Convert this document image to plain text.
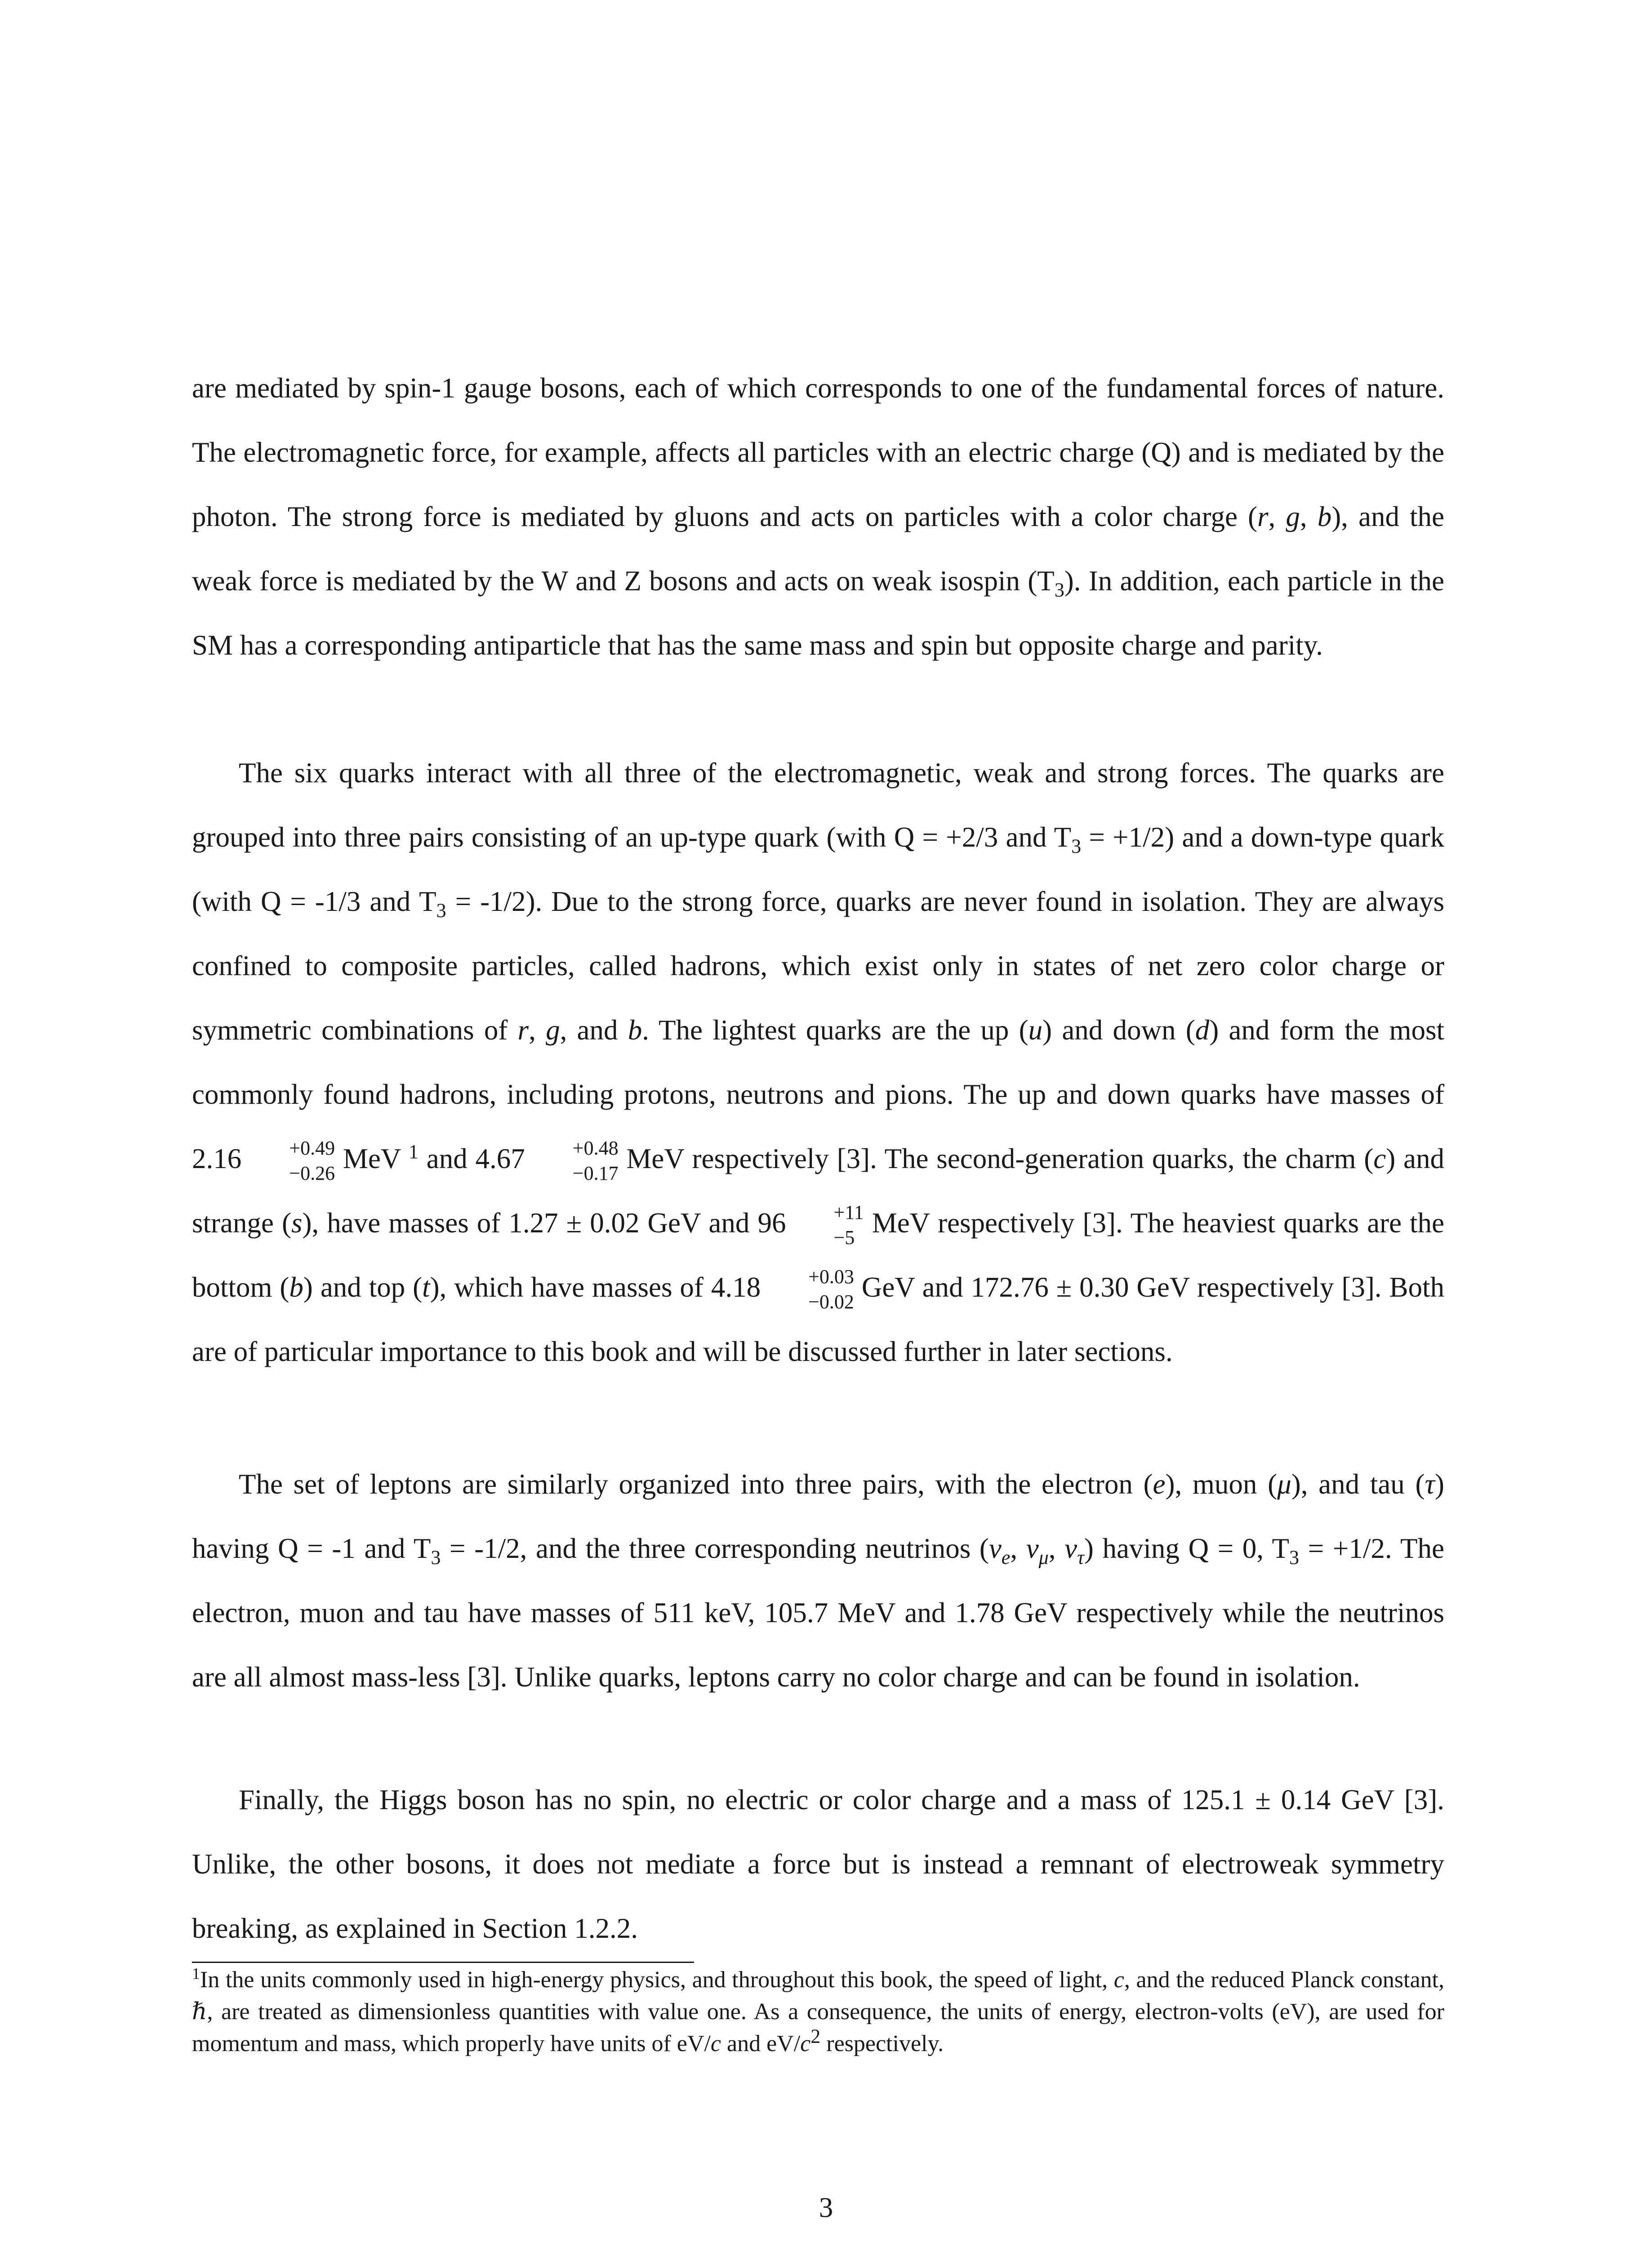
are mediated by spin-1 gauge bosons, each of which corresponds to one of the fundamental forces of nature. The electromagnetic force, for example, affects all particles with an electric charge (Q) and is mediated by the photon. The strong force is mediated by gluons and acts on particles with a color charge (r, g, b), and the weak force is mediated by the W and Z bosons and acts on weak isospin $(T_3)$. In addition, each particle in the SM has a corresponding antiparticle that has the same mass and spin but opposite charge and parity.

The six quarks interact with all three of the electromagnetic, weak and strong forces. The quarks are grouped into three pairs consisting of an up-type quark (with Q = +2/3 and $T_3 = +1/2$) and a down-type quark (with Q = -1/3 and $T_3 = -1/2$). Due to the strong force, quarks are never found in isolation. They are always confined to composite particles, called hadrons, which exist only in states of net zero color charge or symmetric combinations of r, g, and b. The lightest quarks are the up (u) and down (d) and form the most commonly found hadrons, including protons, neutrons and pions. The up and down quarks have masses of 2.16	+0.49
−0.26 MeV $^1$ and 4.67	+0.48
−0.17 MeV respectively [3]. The second-generation quarks, the charm (c) and strange (s), have masses of 1.27 ± 0.02 GeV and 96	+11
−5 MeV respectively [3]. The heaviest quarks are the bottom (b) and top (t), which have masses of 4.18	+0.03
−0.02 GeV and 172.76 ± 0.30 GeV respectively [3]. Both are of particular importance to this book and will be discussed further in later sections.

The set of leptons are similarly organized into three pairs, with the electron (e), muon (μ), and tau (τ) having Q = -1 and $T_3 = -1/2$, and the three corresponding neutrinos ($\nu_e$, $\nu_\mu$, $\nu_\tau$) having Q = 0, $T_3 = +1/2$. The electron, muon and tau have masses of 511 keV, 105.7 MeV and 1.78 GeV respectively while the neutrinos are all almost mass-less [3]. Unlike quarks, leptons carry no color charge and can be found in isolation.

Finally, the Higgs boson has no spin, no electric or color charge and a mass of 125.1 ± 0.14 GeV [3]. Unlike, the other bosons, it does not mediate a force but is instead a remnant of electroweak symmetry breaking, as explained in Section 1.2.2.

$^1$In the units commonly used in high-energy physics, and throughout this book, the speed of light, c, and the reduced Planck constant, ℏ, are treated as dimensionless quantities with value one. As a consequence, the units of energy, electron-volts (eV), are used for momentum and mass, which properly have units of eV/c and $eV/c^2$ respectively.
3
